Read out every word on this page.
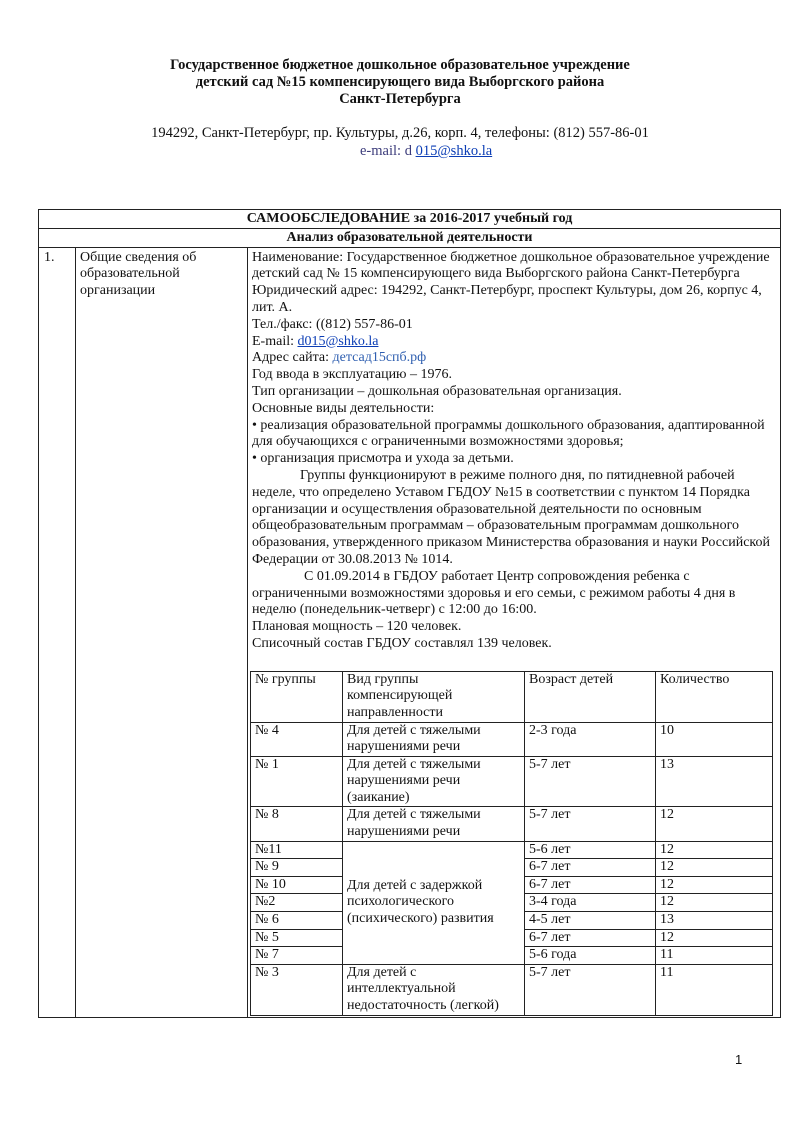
Государственное бюджетное дошкольное образовательное учреждение
детский сад №15 компенсирующего вида Выборгского района
Санкт-Петербурга
194292, Санкт-Петербург, пр. Культуры, д.26, корп. 4, телефоны: (812) 557-86-01
e-mail: d 015@shko.la
САМООБСЛЕДОВАНИЕ за 2016-2017 учебный год
Анализ образовательной деятельности
1.	Общие сведения об образовательной организации	

Наименование: Государственное бюджетное дошкольное образовательное учреждение детский сад № 15 компенсирующего вида Выборгского района Санкт-Петербурга

Юридический адрес: 194292, Санкт-Петербург, проспект Культуры, дом 26, корпус 4, лит. А.

Тел./факс: ((812) 557-86-01

E-mail: d015@shko.la

Адрес сайта: детсад15спб.рф

Год ввода в эксплуатацию – 1976.

Тип организации – дошкольная образовательная организация.

Основные виды деятельности:

• реализация образовательной программы дошкольного образования, адаптированной для обучающихся с ограниченными возможностями здоровья;

• организация присмотра и ухода за детьми.

Группы функционируют в режиме полного дня, по пятидневной рабочей неделе, что определено Уставом ГБДОУ №15 в соответствии с пунктом 14 Порядка организации и осуществления образовательной деятельности по основным общеобразовательным программам – образовательным программам дошкольного образования, утвержденного приказом Министерства образования и науки Российской Федерации от 30.08.2013 № 1014.

С 01.09.2014 в ГБДОУ работает Центр сопровождения ребенка с ограниченными возможностями здоровья и его семьи, с режимом работы 4 дня в неделю (понедельник-четверг) с 12:00 до 16:00.

Плановая мощность – 120 человек.

Списочный состав ГБДОУ составлял 139 человек.

№ группы	Вид группы компенсирующей направленности	Возраст детей	Количество
№ 4	Для детей с тяжелыми нарушениями речи	2-3 года	10
№ 1	Для детей с тяжелыми нарушениями речи (заикание)	5-7 лет	13
№ 8	Для детей с тяжелыми нарушениями речи	5-7 лет	12
№11	Для детей с задержкой психологического (психического) развития	5-6 лет	12
№ 9	6-7 лет	12
№ 10	6-7 лет	12
№2	3-4 года	12
№ 6	4-5 лет	13
№ 5	6-7 лет	12
№ 7	5-6 года	11
№ 3	Для детей с интеллектуальной недостаточность (легкой)	5-7 лет	11
1
